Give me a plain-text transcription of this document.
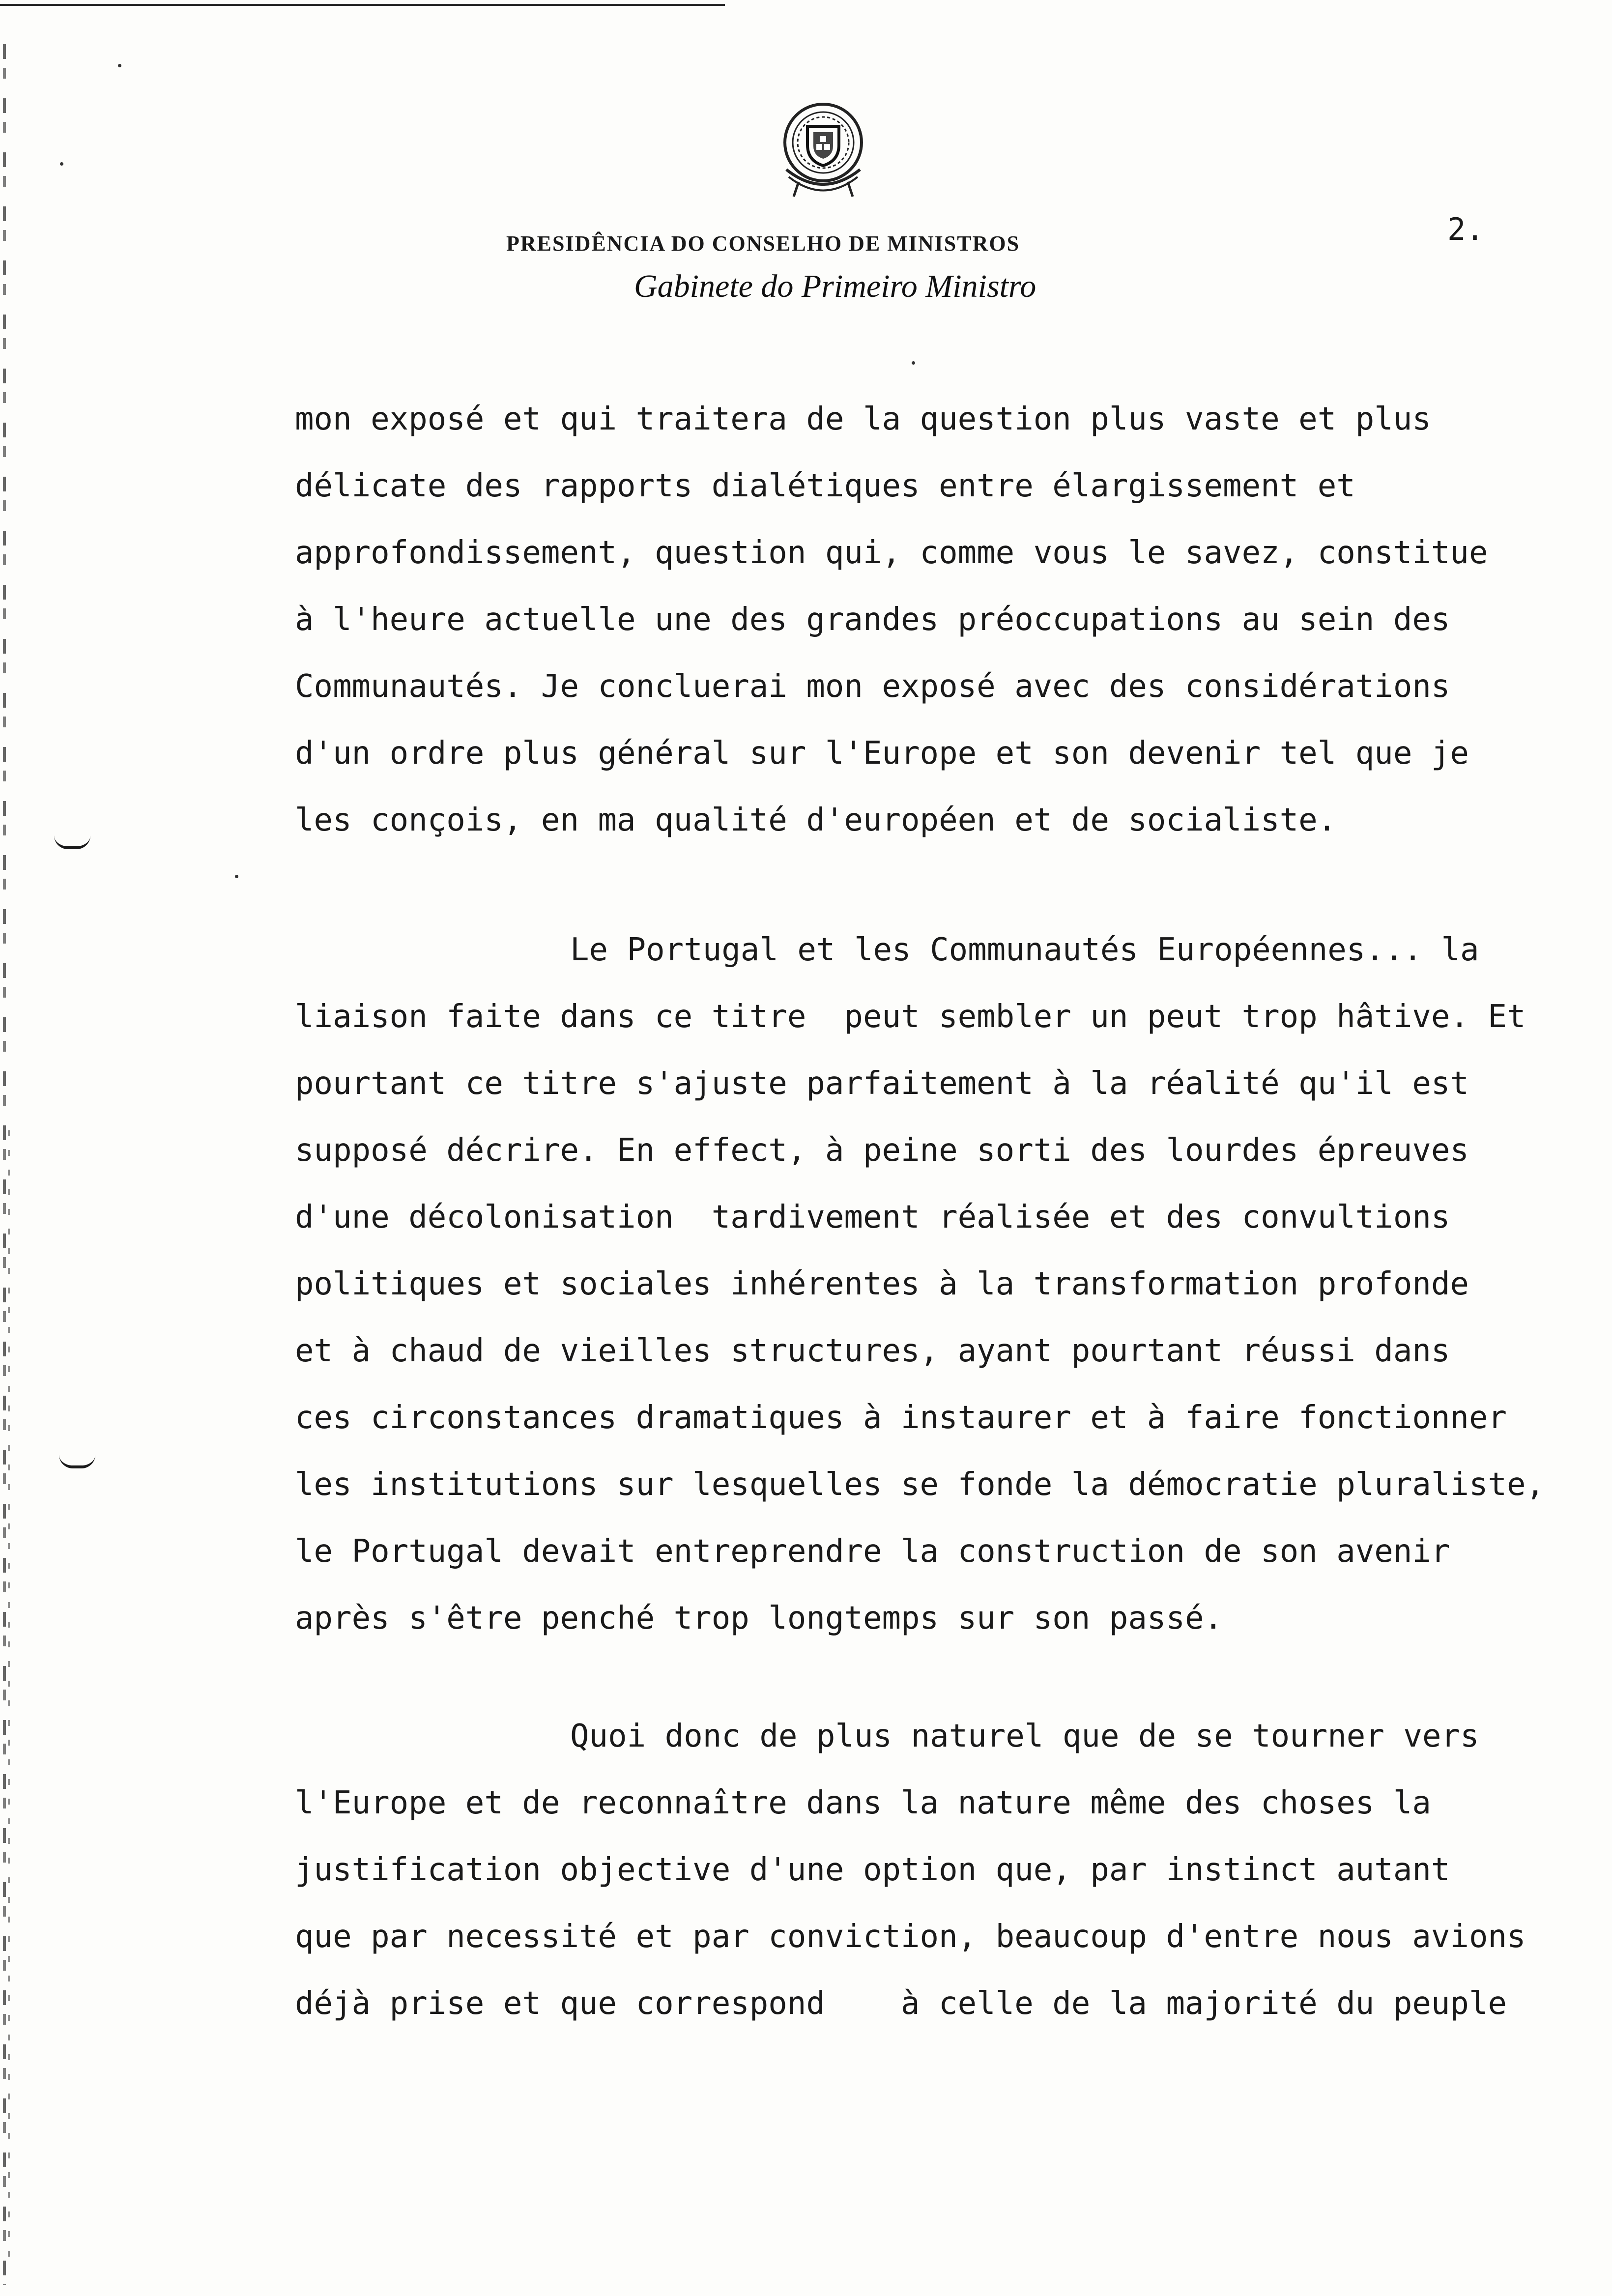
PRESIDÊNCIA DO CONSELHO DE MINISTROS
Gabinete do Primeiro Ministro
2.
mon exposé et qui traitera de la question plus vaste et plus
délicate des rapports dialétiques entre élargissement et
approfondissement, question qui, comme vous le savez, constitue
à l'heure actuelle une des grandes préoccupations au sein des
Communautés. Je concluerai mon exposé avec des considérations
d'un ordre plus général sur l'Europe et son devenir tel que je
les conçois, en ma qualité d'européen et de socialiste.
Le Portugal et les Communautés Européennes... la
liaison faite dans ce titre  peut sembler un peut trop hâtive. Et
pourtant ce titre s'ajuste parfaitement à la réalité qu'il est
supposé décrire. En effect, à peine sorti des lourdes épreuves
d'une décolonisation  tardivement réalisée et des convultions
politiques et sociales inhérentes à la transformation profonde
et à chaud de vieilles structures, ayant pourtant réussi dans
ces circonstances dramatiques à instaurer et à faire fonctionner
les institutions sur lesquelles se fonde la démocratie pluraliste,
le Portugal devait entreprendre la construction de son avenir
après s'être penché trop longtemps sur son passé.
Quoi donc de plus naturel que de se tourner vers
l'Europe et de reconnaître dans la nature même des choses la
justification objective d'une option que, par instinct autant
que par necessité et par conviction, beaucoup d'entre nous avions
déjà prise et que correspond    à celle de la majorité du peuple
